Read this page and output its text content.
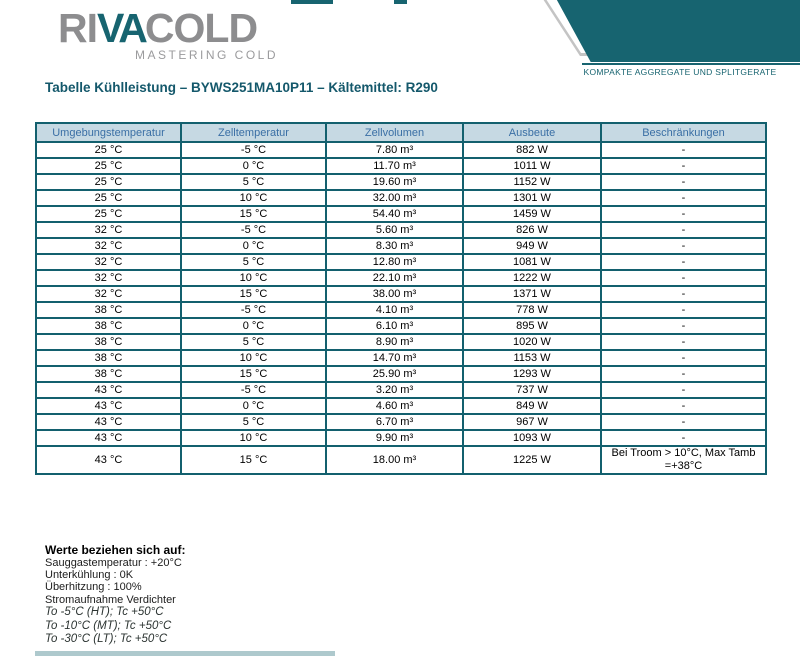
RIVACOLD
MASTERING COLD
KOMPAKTE AGGREGATE UND SPLITGERATE
Tabelle Kühlleistung – BYWS251MA10P11 – Kältemittel: R290
Umgebungstemperatur	Zelltemperatur	Zellvolumen	Ausbeute	Beschränkungen
25 °C	-5 °C	7.80 m³	882 W	-
25 °C	0 °C	11.70 m³	1011 W	-
25 °C	5 °C	19.60 m³	1152 W	-
25 °C	10 °C	32.00 m³	1301 W	-
25 °C	15 °C	54.40 m³	1459 W	-
32 °C	-5 °C	5.60 m³	826 W	-
32 °C	0 °C	8.30 m³	949 W	-
32 °C	5 °C	12.80 m³	1081 W	-
32 °C	10 °C	22.10 m³	1222 W	-
32 °C	15 °C	38.00 m³	1371 W	-
38 °C	-5 °C	4.10 m³	778 W	-
38 °C	0 °C	6.10 m³	895 W	-
38 °C	5 °C	8.90 m³	1020 W	-
38 °C	10 °C	14.70 m³	1153 W	-
38 °C	15 °C	25.90 m³	1293 W	-
43 °C	-5 °C	3.20 m³	737 W	-
43 °C	0 °C	4.60 m³	849 W	-
43 °C	5 °C	6.70 m³	967 W	-
43 °C	10 °C	9.90 m³	1093 W	-
43 °C	15 °C	18.00 m³	1225 W	Bei Troom > 10°C, Max Tamb =+38°C
Werte beziehen sich auf:
Sauggastemperatur : +20°C
Unterkühlung : 0K
Überhitzung : 100%
Stromaufnahme Verdichter
To -5°C (HT); Tc +50°C
To -10°C (MT); Tc +50°C
To -30°C (LT); Tc +50°C
